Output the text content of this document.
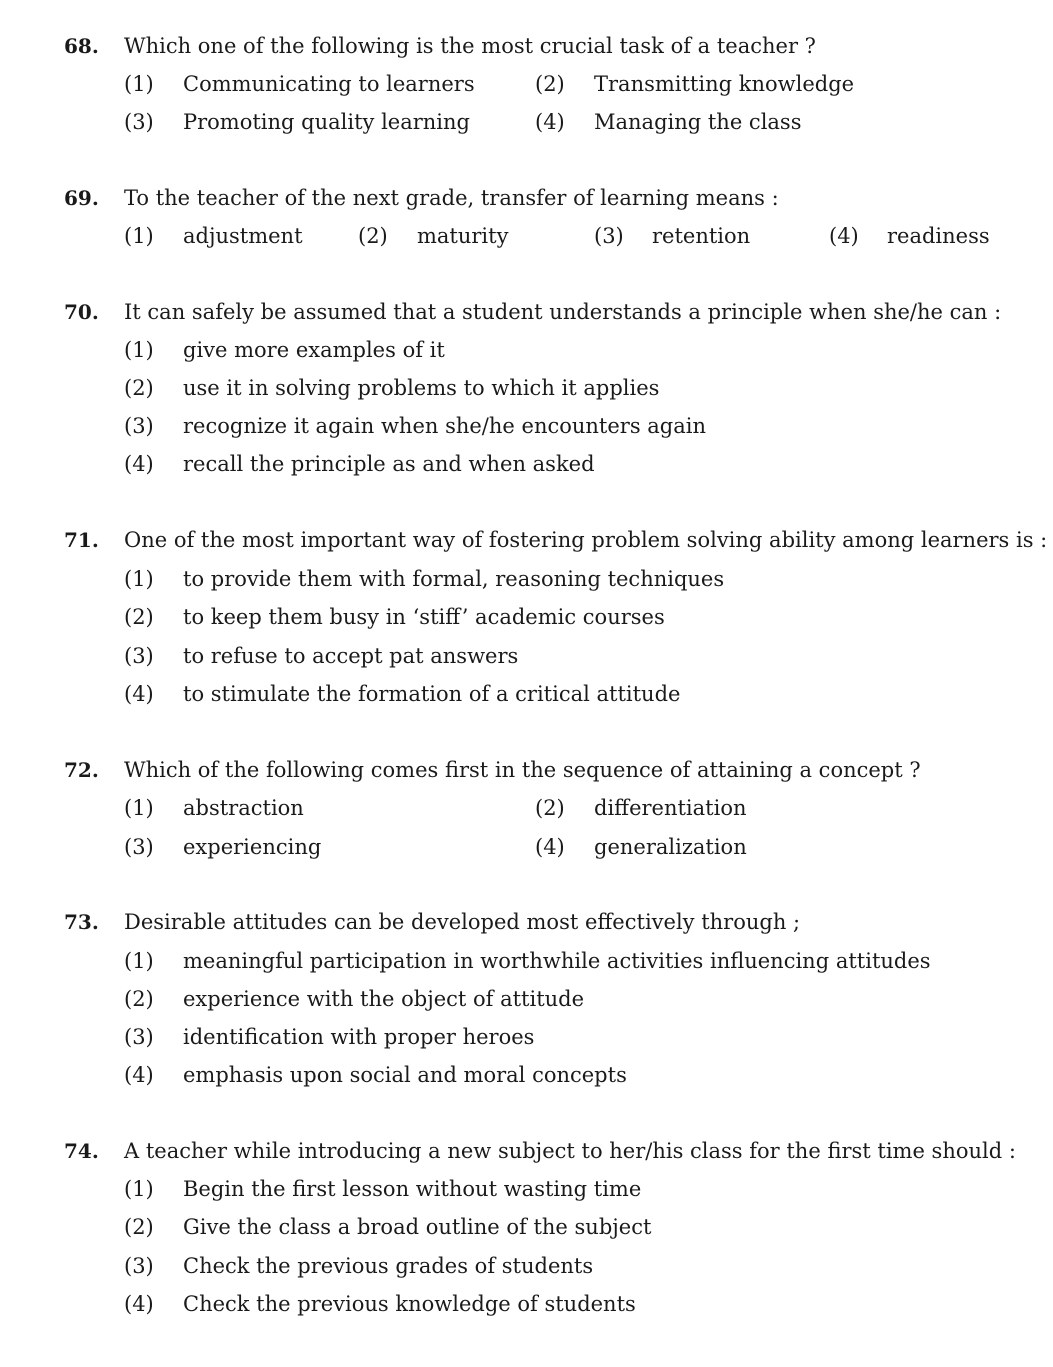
68. Which one of the following is the most crucial task of a teacher ?
(1) Communicating to learners	(2) Transmitting knowledge
(3) Promoting quality learning	(4) Managing the class
69. To the teacher of the next grade, transfer of learning means :
(1) adjustment	(2) maturity	(3) retention	(4) readiness
70. It can safely be assumed that a student understands a principle when she/he can :
(1) give more examples of it
(2) use it in solving problems to which it applies
(3) recognize it again when she/he encounters again
(4) recall the principle as and when asked
71. One of the most important way of fostering problem solving ability among learners is :
(1) to provide them with formal, reasoning techniques
(2) to keep them busy in ‘stiff’ academic courses
(3) to refuse to accept pat answers
(4) to stimulate the formation of a critical attitude
72. Which of the following comes first in the sequence of attaining a concept ?
(1) abstraction	(2) differentiation
(3) experiencing	(4) generalization
73. Desirable attitudes can be developed most effectively through ;
(1) meaningful participation in worthwhile activities influencing attitudes
(2) experience with the object of attitude
(3) identification with proper heroes
(4) emphasis upon social and moral concepts
74. A teacher while introducing a new subject to her/his class for the first time should :
(1) Begin the first lesson without wasting time
(2) Give the class a broad outline of the subject
(3) Check the previous grades of students
(4) Check the previous knowledge of students
